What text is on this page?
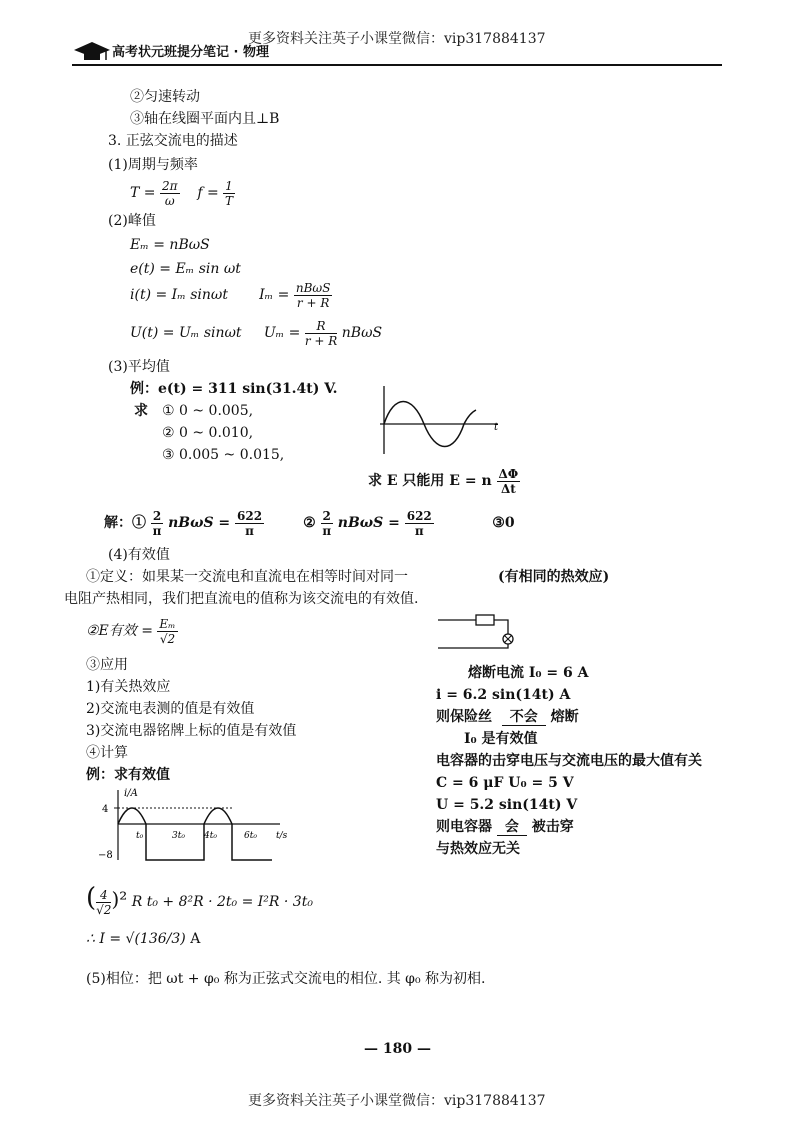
更多资料关注英子小课堂微信：vip317884137
高考状元班提分笔记 · 物理
②匀速转动
③轴在线圈平面内且⊥B
3. 正弦交流电的描述
(1)周期与频率
$T = \frac{2\pi}{\omega}$ $f = \frac{1}{T}$
(2)峰值
Eₘ = nBωS
e(t) = Eₘ sin ωt
i(t) = Iₘ sinωt $I_m = \frac{\text{nBωS}}{r + R}$
U(t) = Uₘ sinωt $U_m = \frac{R}{r + R}$ nBωS
(3)平均值
例：e(t) = 311 sin(31.4t) V.
求 ① 0 ~ 0.005,
② 0 ~ 0.010,
③ 0.005 ~ 0.015,
t
求 E 只能用 E = n $\frac{\Delta\Phi}{\Delta t}$
解：① $\frac{2}{\pi}$ $nB\omega S = \frac{622}{\pi}$	② $\frac{2}{\pi}$ $nB\omega S = \frac{622}{\pi}$	③0
(4)有效值
①定义：如果某一交流电和直流电在相等时间对同一	(有相同的热效应)
电阻产热相同，我们把直流电的值称为该交流电的有效值.
②E有效 = $\frac{\text{Eₘ}}{√2}$
③应用
1)有关热效应
2)交流电表测的值是有效值
3)交流电器铭牌上标的值是有效值
④计算
例：求有效值
i/A
4
−8
t₀	3t₀ 4t₀	6t₀ t/s
( $\frac{4}{√2} )^2$ R t₀ + 8²R · 2t₀ = I²R · 3t₀
∴ I = √(136/3) A
(5)相位：把 ωt + φ₀ 称为正弦式交流电的相位. 其 φ₀ 称为初相.
熔断电流 I₀ = 6 A
i = 6.2 sin(14t) A
则保险丝 不会 熔断
I₀ 是有效值
电容器的击穿电压与交流电压的最大值有关
C = 6 μF U₀ = 5 V
U = 5.2 sin(14t) V
则电容器 会 被击穿
与热效应无关
— 180 —
更多资料关注英子小课堂微信：vip317884137
